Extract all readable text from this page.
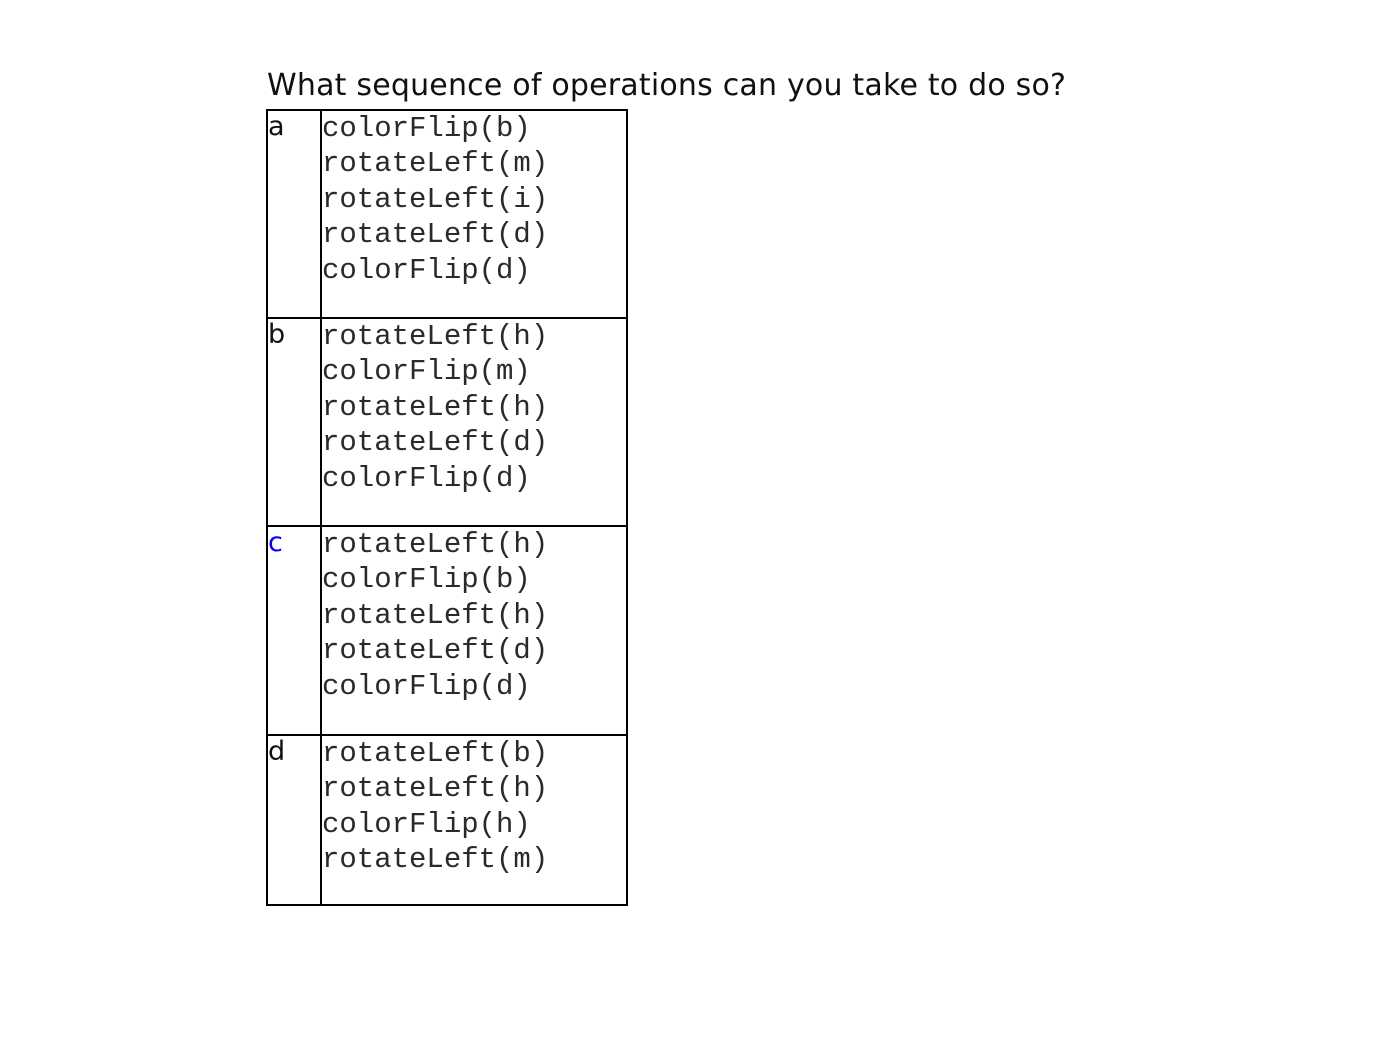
What sequence of operations can you take to do so?
a	colorFlip(b)
rotateLeft(m)
rotateLeft(i)
rotateLeft(d)
colorFlip(d)

b	rotateLeft(h)
colorFlip(m)
rotateLeft(h)
rotateLeft(d)
colorFlip(d)

c	rotateLeft(h)
colorFlip(b)
rotateLeft(h)
rotateLeft(d)
colorFlip(d)

d	rotateLeft(b)
rotateLeft(h)
colorFlip(h)
rotateLeft(m)
